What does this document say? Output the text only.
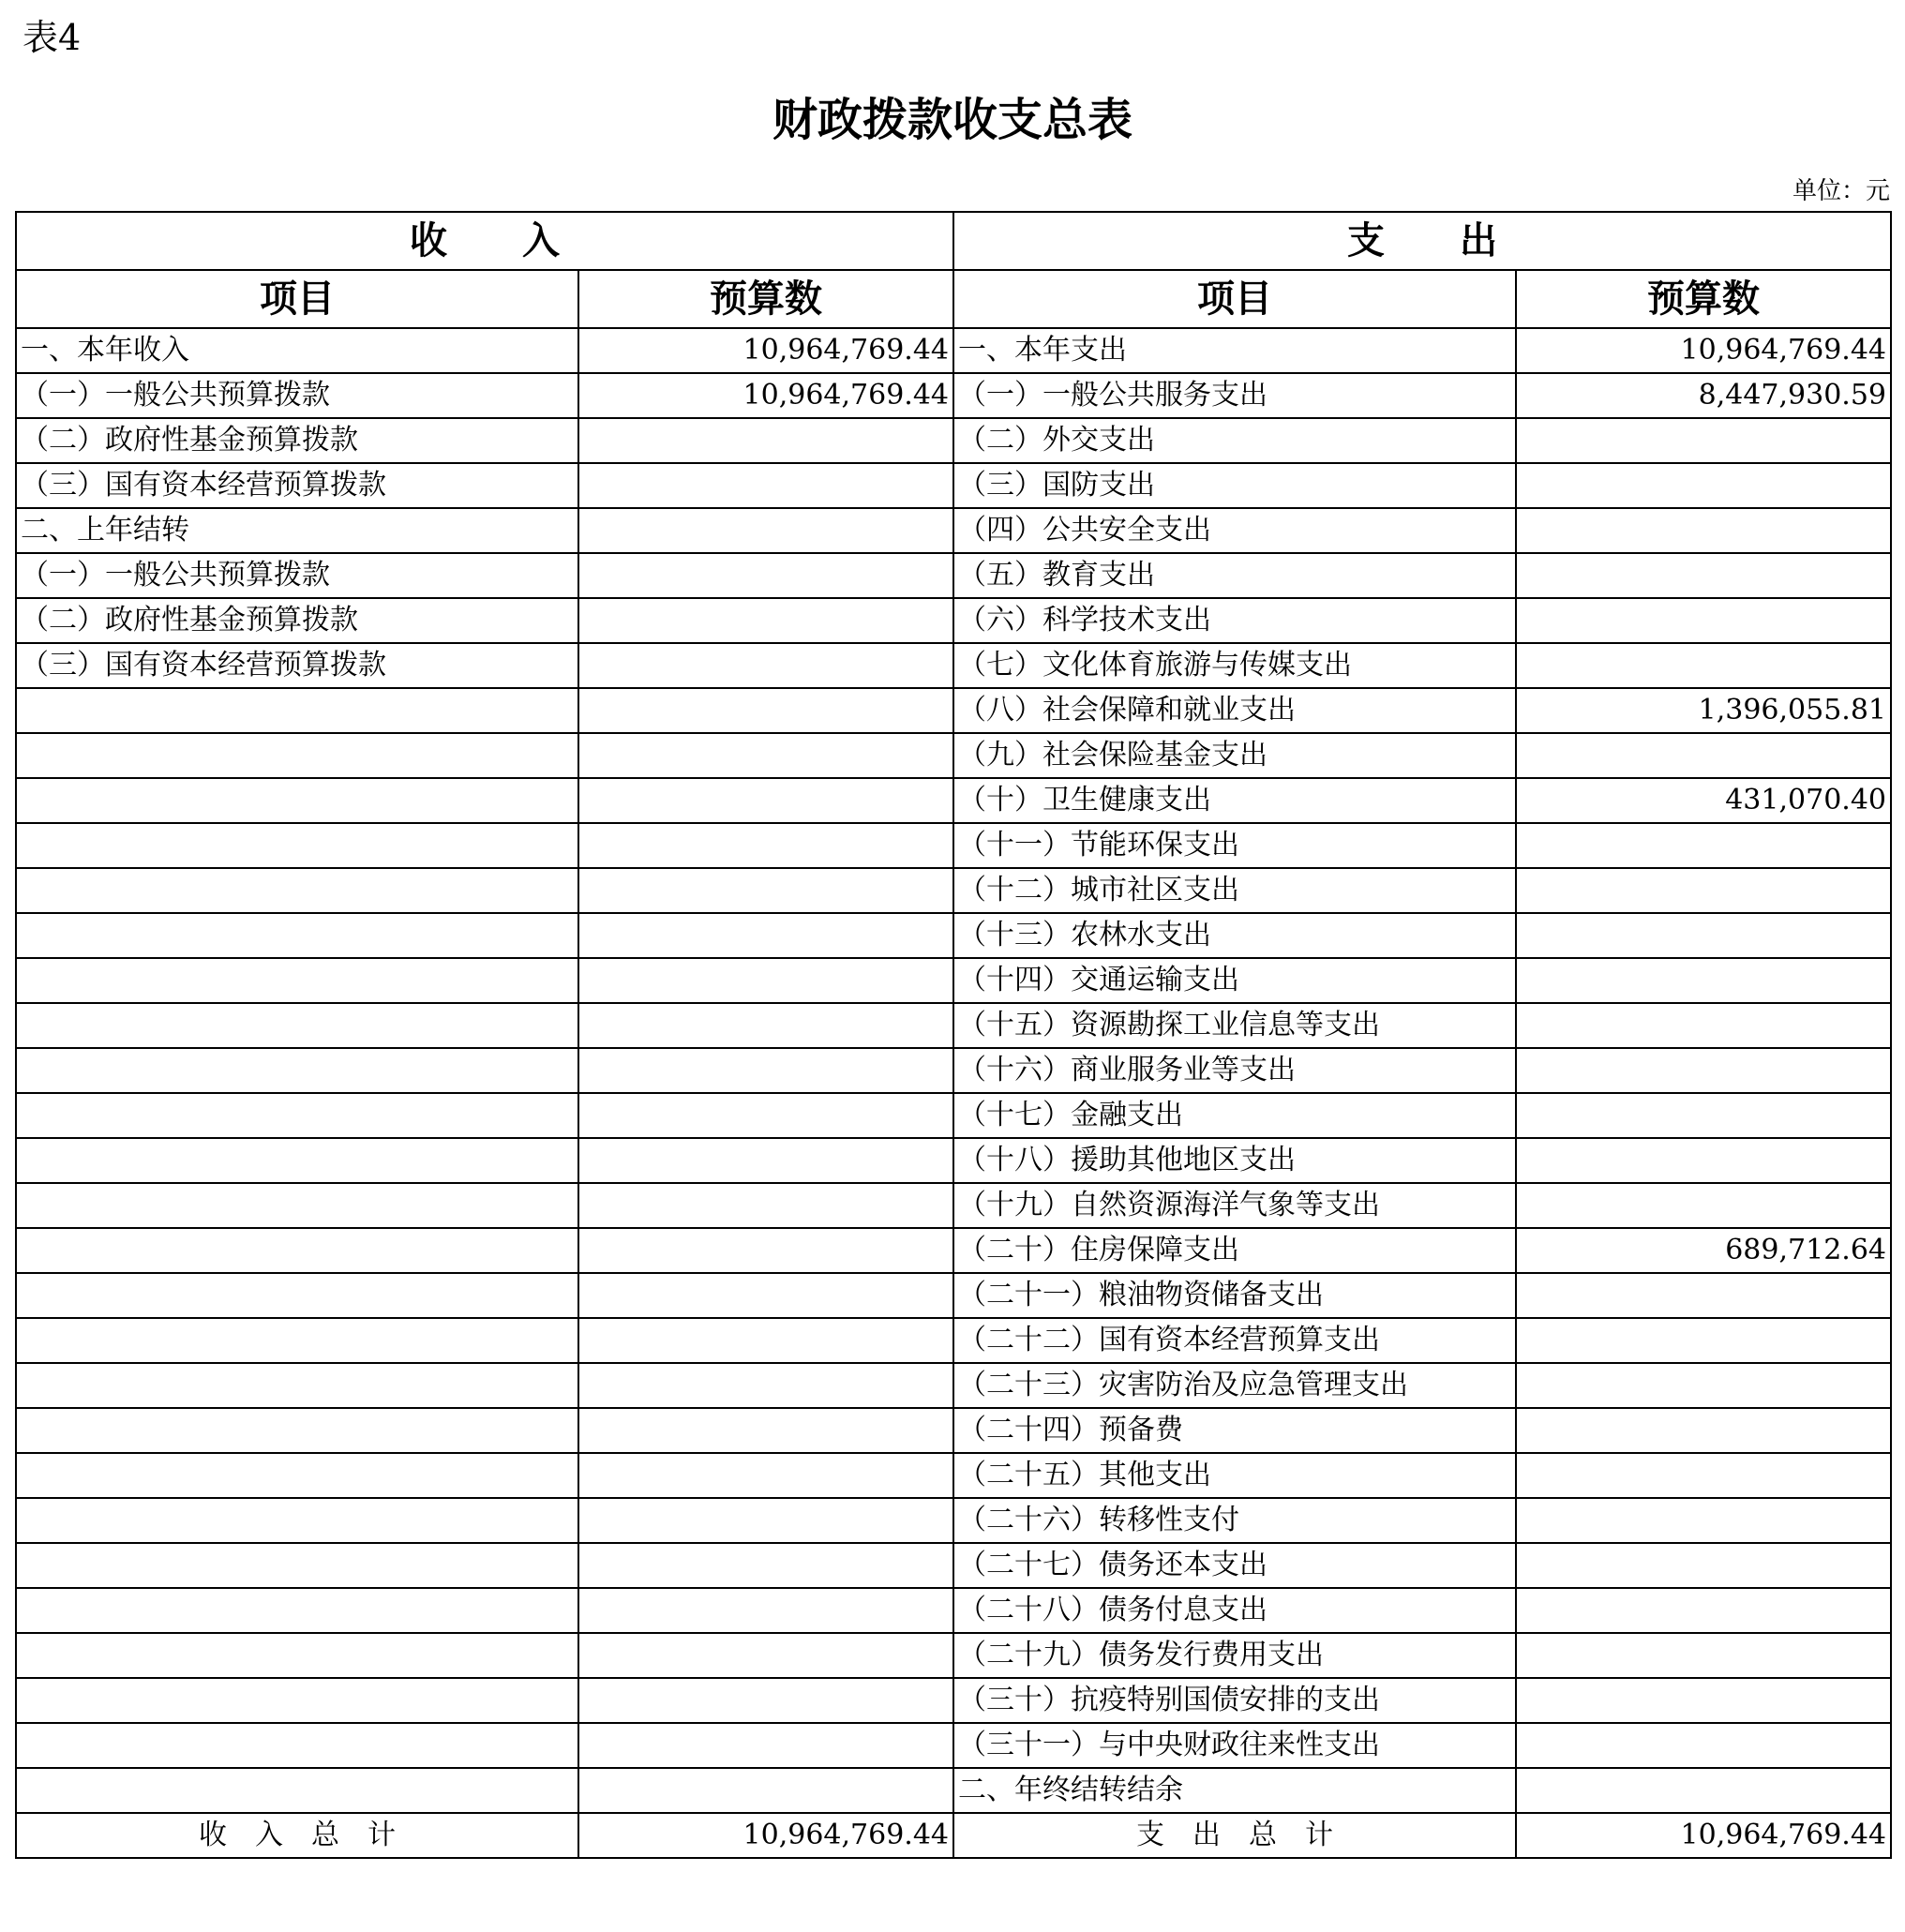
表4
财政拨款收支总表
单位：元
收　　入		支　　出	
项目	预算数	项目	预算数
一、本年收入	10,964,769.44	一、本年支出	10,964,769.44
（一）一般公共预算拨款	10,964,769.44	（一）一般公共服务支出	8,447,930.59
（二）政府性基金预算拨款		（二）外交支出	
（三）国有资本经营预算拨款		（三）国防支出	
二、上年结转		（四）公共安全支出	
（一）一般公共预算拨款		（五）教育支出	
（二）政府性基金预算拨款		（六）科学技术支出	
（三）国有资本经营预算拨款		（七）文化体育旅游与传媒支出	
		（八）社会保障和就业支出	1,396,055.81
		（九）社会保险基金支出	
		（十）卫生健康支出	431,070.40
		（十一）节能环保支出	
		（十二）城市社区支出	
		（十三）农林水支出	
		（十四）交通运输支出	
		（十五）资源勘探工业信息等支出	
		（十六）商业服务业等支出	
		（十七）金融支出	
		（十八）援助其他地区支出	
		（十九）自然资源海洋气象等支出	
		（二十）住房保障支出	689,712.64
		（二十一）粮油物资储备支出	
		（二十二）国有资本经营预算支出	
		（二十三）灾害防治及应急管理支出	
		（二十四）预备费	
		（二十五）其他支出	
		（二十六）转移性支付	
		（二十七）债务还本支出	
		（二十八）债务付息支出	
		（二十九）债务发行费用支出	
		（三十）抗疫特别国债安排的支出	
		（三十一）与中央财政往来性支出	
		二、年终结转结余	
收　入　总　计	10,964,769.44	支　出　总　计	10,964,769.44
